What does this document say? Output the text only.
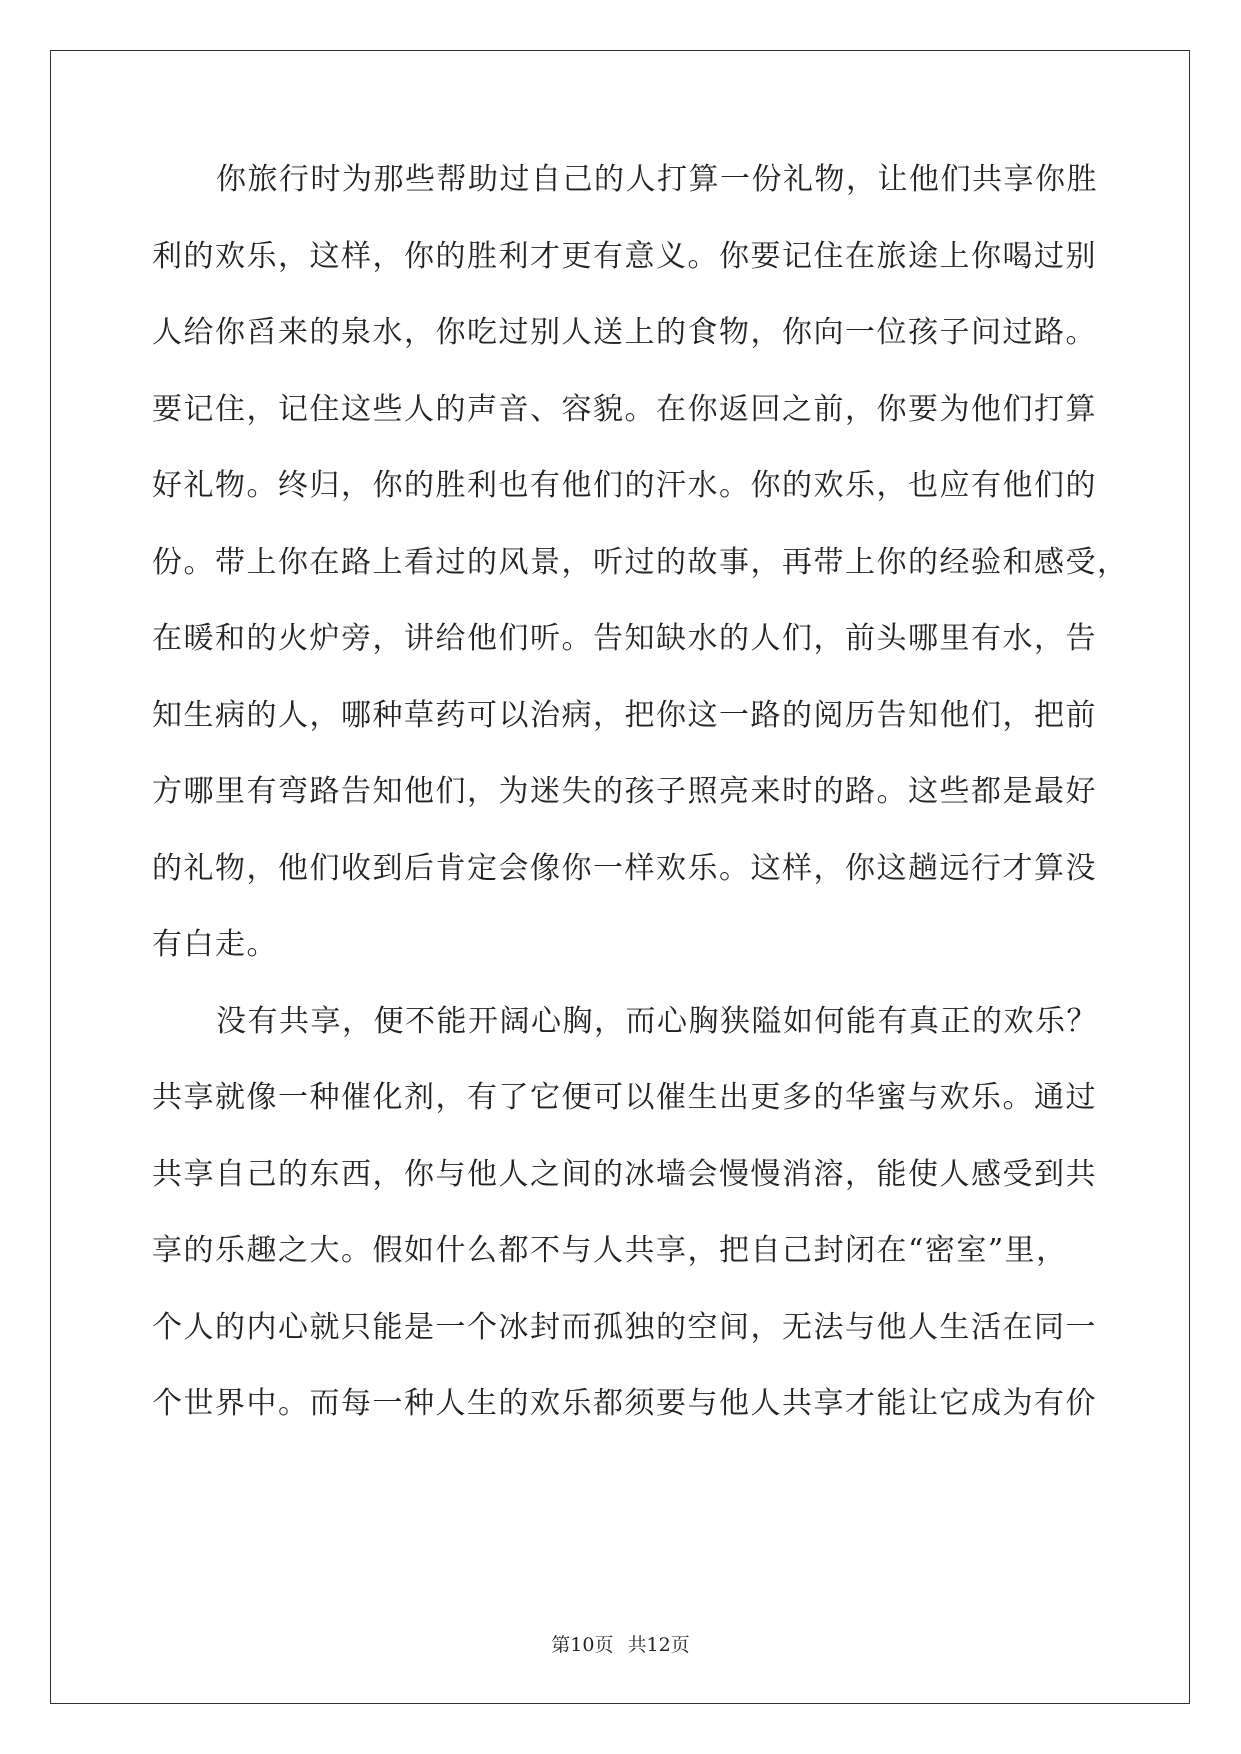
你旅行时为那些帮助过自己的人打算一份礼物，让他们共享你胜
利的欢乐，这样，你的胜利才更有意义。你要记住在旅途上你喝过别
人给你舀来的泉水，你吃过别人送上的食物，你向一位孩子问过路。
要记住，记住这些人的声音、容貌。在你返回之前，你要为他们打算
好礼物。终归，你的胜利也有他们的汗水。你的欢乐，也应有他们的
份。带上你在路上看过的风景，听过的故事，再带上你的经验和感受，
在暖和的火炉旁，讲给他们听。告知缺水的人们，前头哪里有水，告
知生病的人，哪种草药可以治病，把你这一路的阅历告知他们，把前
方哪里有弯路告知他们，为迷失的孩子照亮来时的路。这些都是最好
的礼物，他们收到后肯定会像你一样欢乐。这样，你这趟远行才算没
有白走。
没有共享，便不能开阔心胸，而心胸狭隘如何能有真正的欢乐？
共享就像一种催化剂，有了它便可以催生出更多的华蜜与欢乐。通过
共享自己的东西，你与他人之间的冰墙会慢慢消溶，能使人感受到共
享的乐趣之大。假如什么都不与人共享，把自己封闭在“密室”里，
个人的内心就只能是一个冰封而孤独的空间，无法与他人生活在同一
个世界中。而每一种人生的欢乐都须要与他人共享才能让它成为有价
第10页 共12页
